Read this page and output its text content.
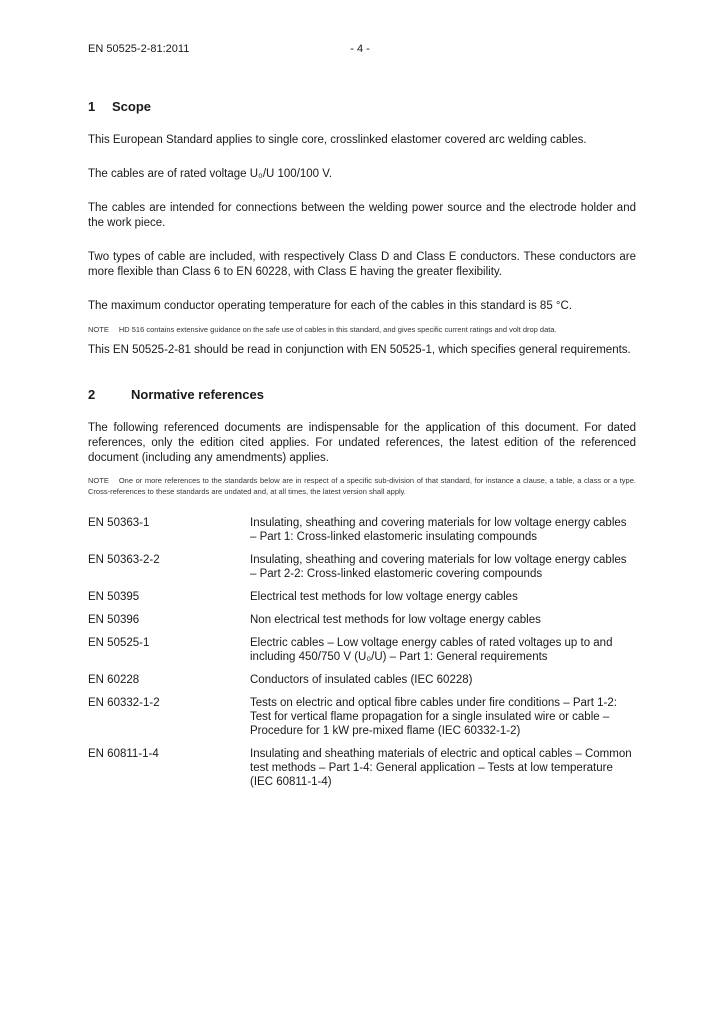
EN 50525-2-81:2011	- 4 -
1	Scope

This European Standard applies to single core, crosslinked elastomer covered arc welding cables.

The cables are of rated voltage U₀/U 100/100 V.

The cables are intended for connections between the welding power source and the electrode holder and the work piece.

Two types of cable are included, with respectively Class D and Class E conductors. These conductors are more flexible than Class 6 to EN 60228, with Class E having the greater flexibility.

The maximum conductor operating temperature for each of the cables in this standard is 85 °C.

NOTE HD 516 contains extensive guidance on the safe use of cables in this standard, and gives specific current ratings and volt drop data.

This EN 50525-2-81 should be read in conjunction with EN 50525-1, which specifies general requirements.

2	Normative references

The following referenced documents are indispensable for the application of this document. For dated references, only the edition cited applies. For undated references, the latest edition of the referenced document (including any amendments) applies.

NOTE One or more references to the standards below are in respect of a specific sub-division of that standard, for instance a clause, a table, a class or a type. Cross-references to these standards are undated and, at all times, the latest version shall apply.

EN 50363-1	Insulating, sheathing and covering materials for low voltage energy cables – Part 1: Cross-linked elastomeric insulating compounds
EN 50363-2-2	Insulating, sheathing and covering materials for low voltage energy cables – Part 2-2: Cross-linked elastomeric covering compounds
EN 50395	Electrical test methods for low voltage energy cables
EN 50396	Non electrical test methods for low voltage energy cables
EN 50525-1	Electric cables – Low voltage energy cables of rated voltages up to and including 450/750 V (U₀/U) – Part 1: General requirements
EN 60228	Conductors of insulated cables (IEC 60228)
EN 60332-1-2	Tests on electric and optical fibre cables under fire conditions – Part 1-2: Test for vertical flame propagation for a single insulated wire or cable – Procedure for 1 kW pre-mixed flame (IEC 60332-1-2)
EN 60811-1-4	Insulating and sheathing materials of electric and optical cables – Common test methods – Part 1-4: General application – Tests at low temperature (IEC 60811-1-4)
